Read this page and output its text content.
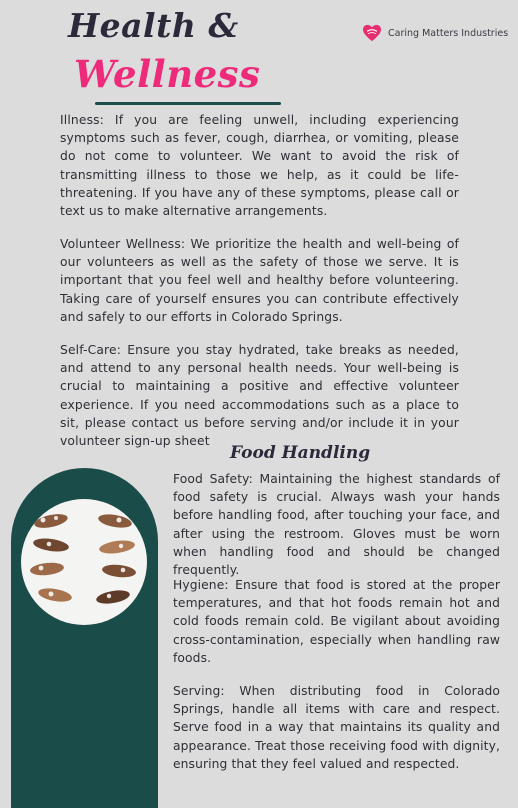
Health &
Wellness
Caring Matters Industries

Illness: If you are feeling unwell, including experiencing symptoms such as fever, cough, diarrhea, or vomiting, please do not come to volunteer. We want to avoid the risk of transmitting illness to those we help, as it could be life-threatening. If you have any of these symptoms, please call or text us to make alternative arrangements.

Volunteer Wellness: We prioritize the health and well-being of our volunteers as well as the safety of those we serve. It is important that you feel well and healthy before volunteering. Taking care of yourself ensures you can contribute effectively and safely to our efforts in Colorado Springs.

Self-Care: Ensure you stay hydrated, take breaks as needed, and attend to any personal health needs. Your well-being is crucial to maintaining a positive and effective volunteer experience. If you need accommodations such as a place to sit, please contact us before serving and/or include it in your volunteer sign-up sheet

Food Handling

Food Safety: Maintaining the highest standards of food safety is crucial. Always wash your hands before handling food, after touching your face, and after using the restroom. Gloves must be worn when handling food and should be changed frequently.

Hygiene: Ensure that food is stored at the proper temperatures, and that hot foods remain hot and cold foods remain cold. Be vigilant about avoiding cross-contamination, especially when handling raw foods.

Serving: When distributing food in Colorado Springs, handle all items with care and respect. Serve food in a way that maintains its quality and appearance. Treat those receiving food with dignity, ensuring that they feel valued and respected.
